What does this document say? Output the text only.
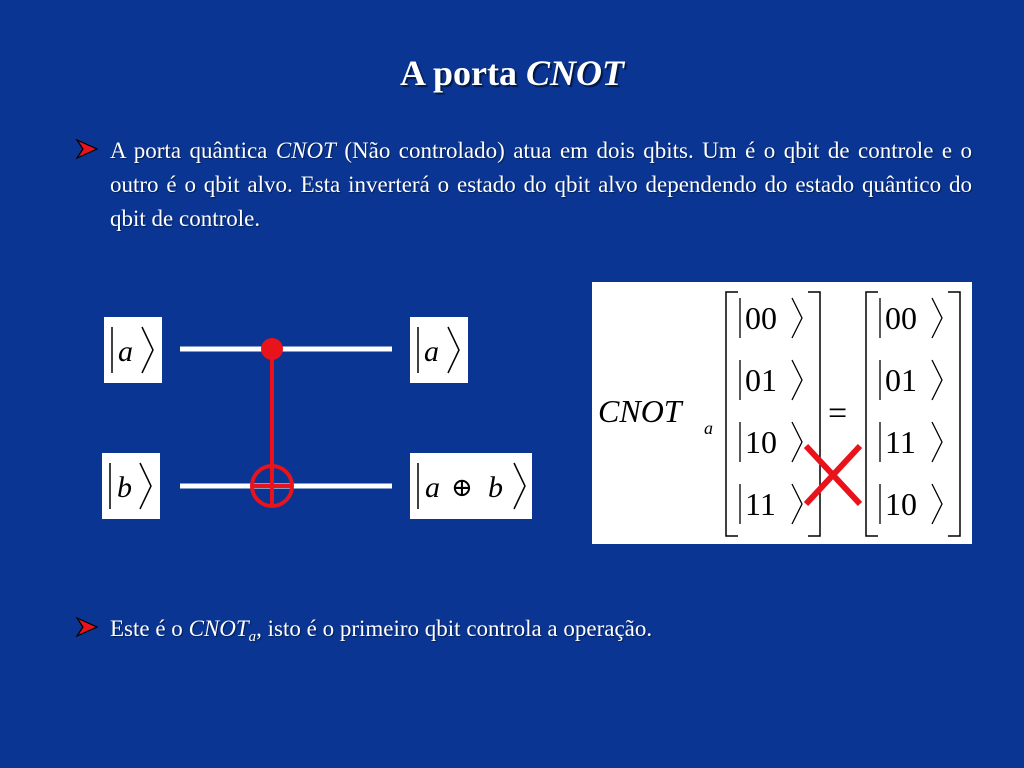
A porta CNOT
A porta quântica CNOT (Não controlado) atua em dois qbits. Um é o qbit de controle e o outro é o qbit alvo. Esta inverterá o estado do qbit alvo dependendo do estado quântico do qbit de controle.
a
b
a
a ⊕ b
CNOT a
00
01
10
11
=
00
01
11
10
Este é o $CNOT_a$, isto é o primeiro qbit controla a operação.
